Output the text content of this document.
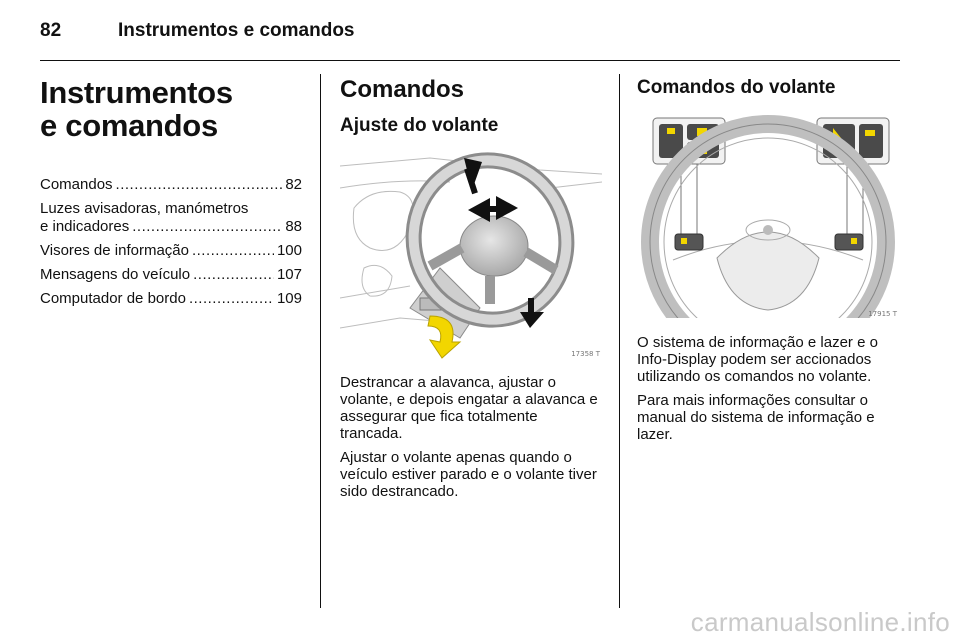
82	Instrumentos e comandos
Instrumentos
e comandos
Comandos .....	82
Luzes avisadoras, manómetros
e indicadores .....	88
Visores de informação .....	100
Mensagens do veículo .....	107
Computador de bordo .....	109
Comandos
Ajuste do volante
17358 T

Destrancar a alavanca, ajustar o volante, e depois engatar a alavanca e assegurar que fica totalmente trancada.

Ajustar o volante apenas quando o veículo estiver parado e o volante tiver sido destrancado.

Comandos do volante
17915 T

O sistema de informação e lazer e o Info-Display podem ser accionados utilizando os comandos no volante.

Para mais informações consultar o manual do sistema de informação e lazer.

carmanualsonline.info
